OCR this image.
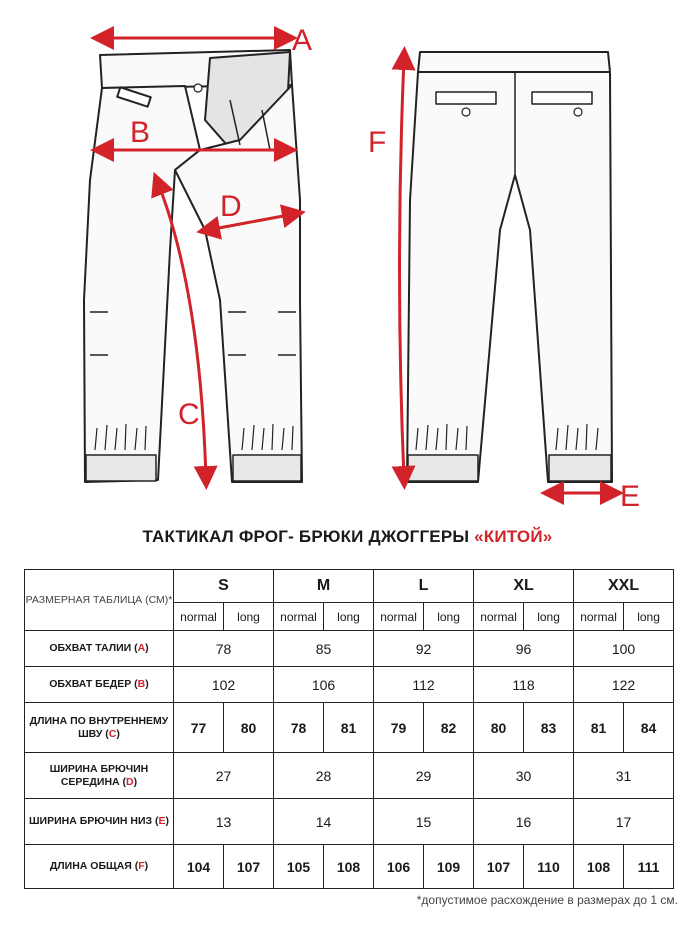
A
B
D
C
F
E
ТАКТИКАЛ ФРОГ- БРЮКИ ДЖОГГЕРЫ «КИТОЙ»
РАЗМЕРНАЯ ТАБЛИЦА (СМ)*	S		M		L		XL		XXL	
	normal	long	normal	long	normal	long	normal	long	normal	long
ОБХВАТ ТАЛИИ (A)	78		85		92		96		100	
ОБХВАТ БЕДЕР (B)	102		106		112		118		122	
ДЛИНА ПО ВНУТРЕННЕМУ ШВУ (C)	77	80	78	81	79	82	80	83	81	84
ШИРИНА БРЮЧИН СЕРЕДИНА (D)	27		28		29		30		31	
ШИРИНА БРЮЧИН НИЗ (E)	13		14		15		16		17	
ДЛИНА ОБЩАЯ (F)	104	107	105	108	106	109	107	110	108	111
*допустимое расхождение в размерах до 1 см.
